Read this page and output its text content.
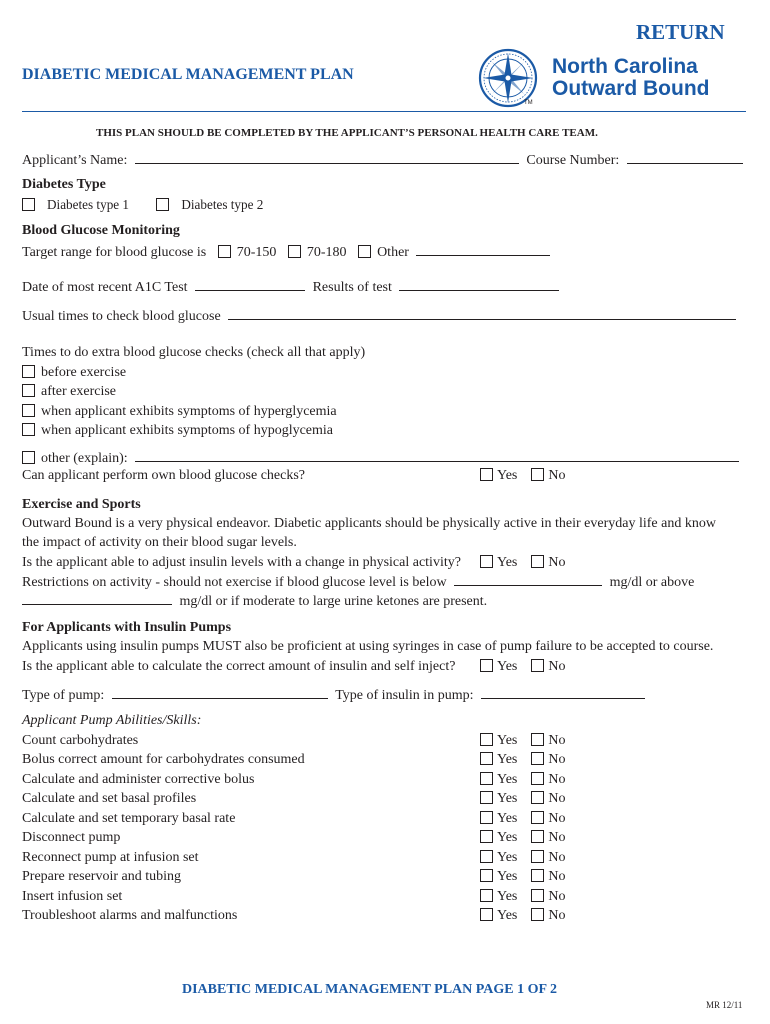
RETURN
DIABETIC MEDICAL MANAGEMENT PLAN	North Carolina
Outward Bound
TM
THIS PLAN SHOULD BE COMPLETED BY THE APPLICANT’S PERSONAL HEALTH CARE TEAM.
Applicant’s Name:	Course Number:
Diabetes Type
Diabetes type 1	Diabetes type 2
Blood Glucose Monitoring
Target range for blood glucose is 70-150 70-180 Other
Date of most recent A1C Test	Results of test
Usual times to check blood glucose
Times to do extra blood glucose checks (check all that apply)
before exercise
after exercise
when applicant exhibits symptoms of hyperglycemia
when applicant exhibits symptoms of hypoglycemia
other (explain):
Can applicant perform own blood glucose checks?	Yes No
Exercise and Sports
Outward Bound is a very physical endeavor. Diabetic applicants should be physically active in their everyday life and know
the impact of activity on their blood sugar levels.
Is the applicant able to adjust insulin levels with a change in physical activity?	Yes No
Restrictions on activity - should not exercise if blood glucose level is below	mg/dl or above
mg/dl or if moderate to large urine ketones are present.
For Applicants with Insulin Pumps
Applicants using insulin pumps MUST also be proficient at using syringes in case of pump failure to be accepted to course.
Is the applicant able to calculate the correct amount of insulin and self inject?	Yes No
Type of pump:	Type of insulin in pump:
Applicant Pump Abilities/Skills:
Count carbohydrates	Yes No
Bolus correct amount for carbohydrates consumed	Yes No
Calculate and administer corrective bolus	Yes No
Calculate and set basal profiles	Yes No
Calculate and set temporary basal rate	Yes No
Disconnect pump	Yes No
Reconnect pump at infusion set	Yes No
Prepare reservoir and tubing	Yes No
Insert infusion set	Yes No
Troubleshoot alarms and malfunctions	Yes No
DIABETIC MEDICAL MANAGEMENT PLAN PAGE 1 OF 2
MR 12/11
